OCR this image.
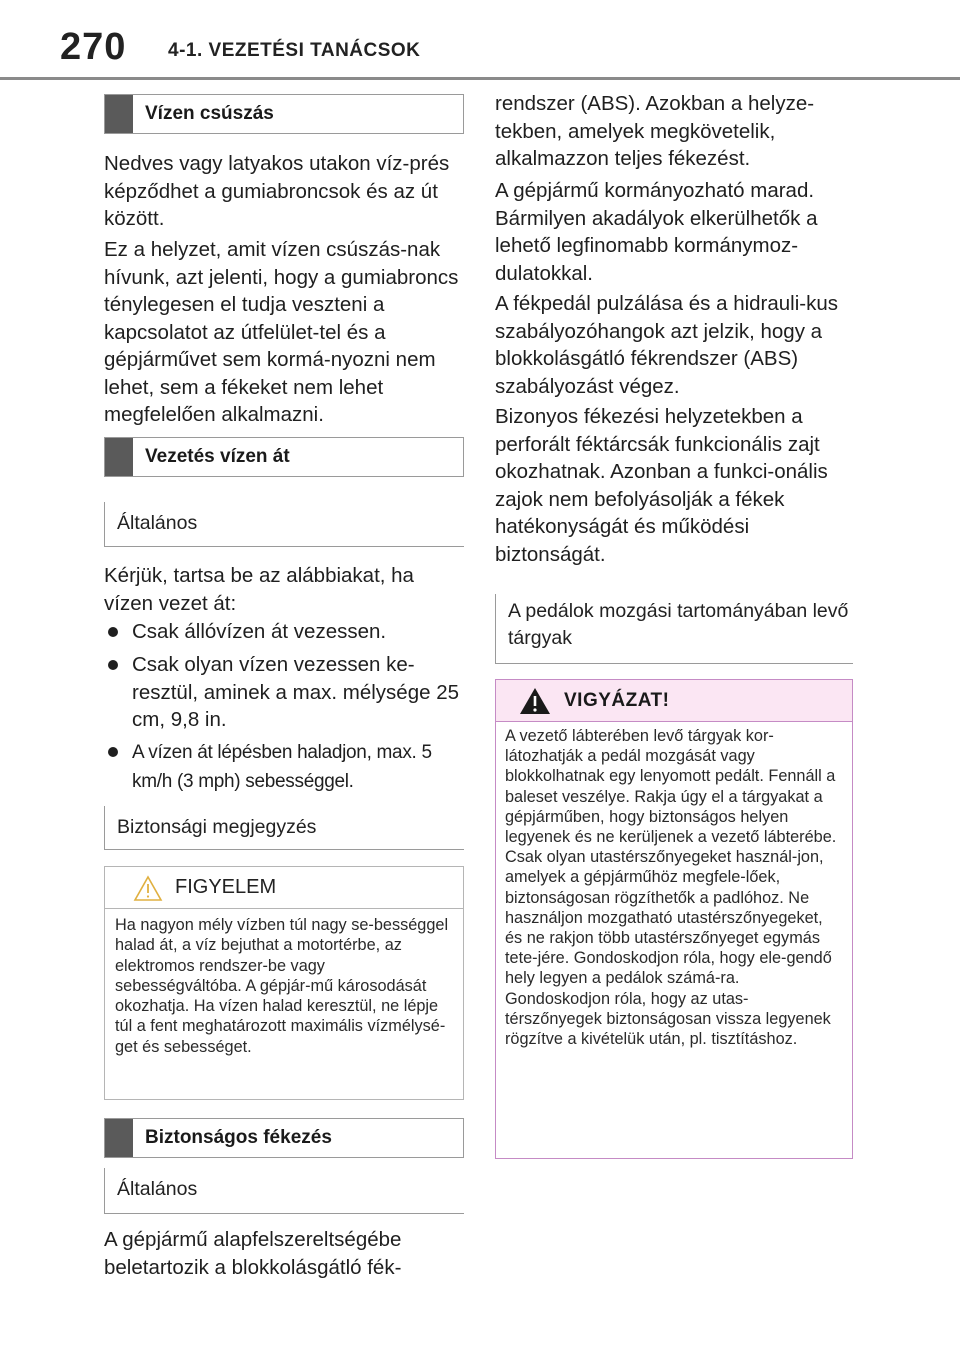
270 4-1. VEZETÉSI TANÁCSOK
Vízen csúszás
Nedves vagy latyakos utakon víz-prés képződhet a gumiabroncsok és az út között.
Ez a helyzet, amit vízen csúszás-nak hívunk, azt jelenti, hogy a gumiabroncs ténylegesen el tudja veszteni a kapcsolatot az útfelület-tel és a gépjárművet sem kormá-nyozni nem lehet, sem a fékeket nem lehet megfelelően alkalmazni.
Vezetés vízen át
Általános
Kérjük, tartsa be az alábbiakat, ha vízen vezet át:
Csak állóvízen át vezessen.
Csak olyan vízen vezessen ke-resztül, aminek a max. mélysége 25 cm, 9,8 in.
A vízen át lépésben haladjon, max. 5 km/h (3 mph) sebességgel.
Biztonsági megjegyzés
FIGYELEM
Ha nagyon mély vízben túl nagy se-bességgel halad át, a víz bejuthat a motortérbe, az elektromos rendszer-be vagy sebességváltóba. A gépjár-mű károsodását okozhatja. Ha vízen halad keresztül, ne lépje túl a fent meghatározott maximális vízmélysé-get és sebességet.
Biztonságos fékezés
Általános
A gépjármű alapfelszereltségébe beletartozik a blokkolásgátló fék-
rendszer (ABS). Azokban a helyze-tekben, amelyek megkövetelik, alkalmazzon teljes fékezést.
A gépjármű kormányozható marad. Bármilyen akadályok elkerülhetők a lehető legfinomabb kormánymoz-dulatokkal.
A fékpedál pulzálása és a hidrauli-kus szabályozóhangok azt jelzik, hogy a blokkolásgátló fékrendszer (ABS) szabályozást végez.
Bizonyos fékezési helyzetekben a perforált féktárcsák funkcionális zajt okozhatnak. Azonban a funkci-onális zajok nem befolyásolják a fékek hatékonyságát és működési biztonságát.
A pedálok mozgási tartományában levő tárgyak
VIGYÁZAT!
A vezető lábterében levő tárgyak kor-látozhatják a pedál mozgását vagy blokkolhatnak egy lenyomott pedált. Fennáll a baleset veszélye. Rakja úgy el a tárgyakat a gépjárműben, hogy biztonságos helyen legyenek és ne kerüljenek a vezető lábterébe. Csak olyan utastérszőnyegeket használ-jon, amelyek a gépjárműhöz megfele-lőek, biztonságosan rögzíthetők a padlóhoz. Ne használjon mozgatható utastérszőnyegeket, és ne rakjon több utastérszőnyeget egymás tete-jére. Gondoskodjon róla, hogy ele-gendő hely legyen a pedálok számá-ra. Gondoskodjon róla, hogy az utas-térszőnyegek biztonságosan vissza legyenek rögzítve a kivételük után, pl. tisztításhoz.
